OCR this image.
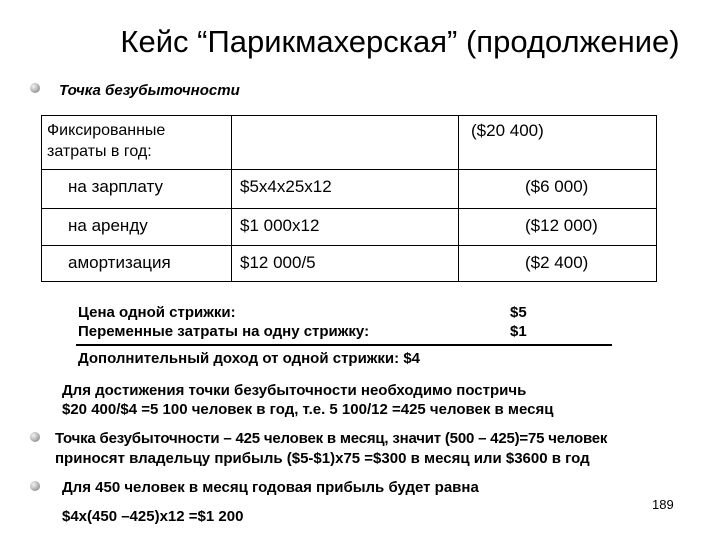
Кейс “Парикмахерская” (продолжение)
Точка безубыточности
Фиксированные затраты в год:		($20 400)

на зарплату	$5x4x25x12	($6 000)

на аренду	$1 000x12	($12 000)

амортизация	$12 000/5	($2 400)
Цена одной стрижки:	$5
Переменные затраты на одну стрижку:	$1
Дополнительный доход от одной стрижки: $4
Для достижения точки безубыточности необходимо постричь
$20 400/$4 =5 100 человек в год, т.е. 5 100/12 =425 человек в месяц
Точка безубыточности – 425 человек в месяц, значит (500 – 425)=75 человек
приносят владельцу прибыль ($5-$1)x75 =$300 в месяц или $3600 в год
Для 450 человек в месяц годовая прибыль будет равна
$4x(450 –425)x12 =$1 200
189
